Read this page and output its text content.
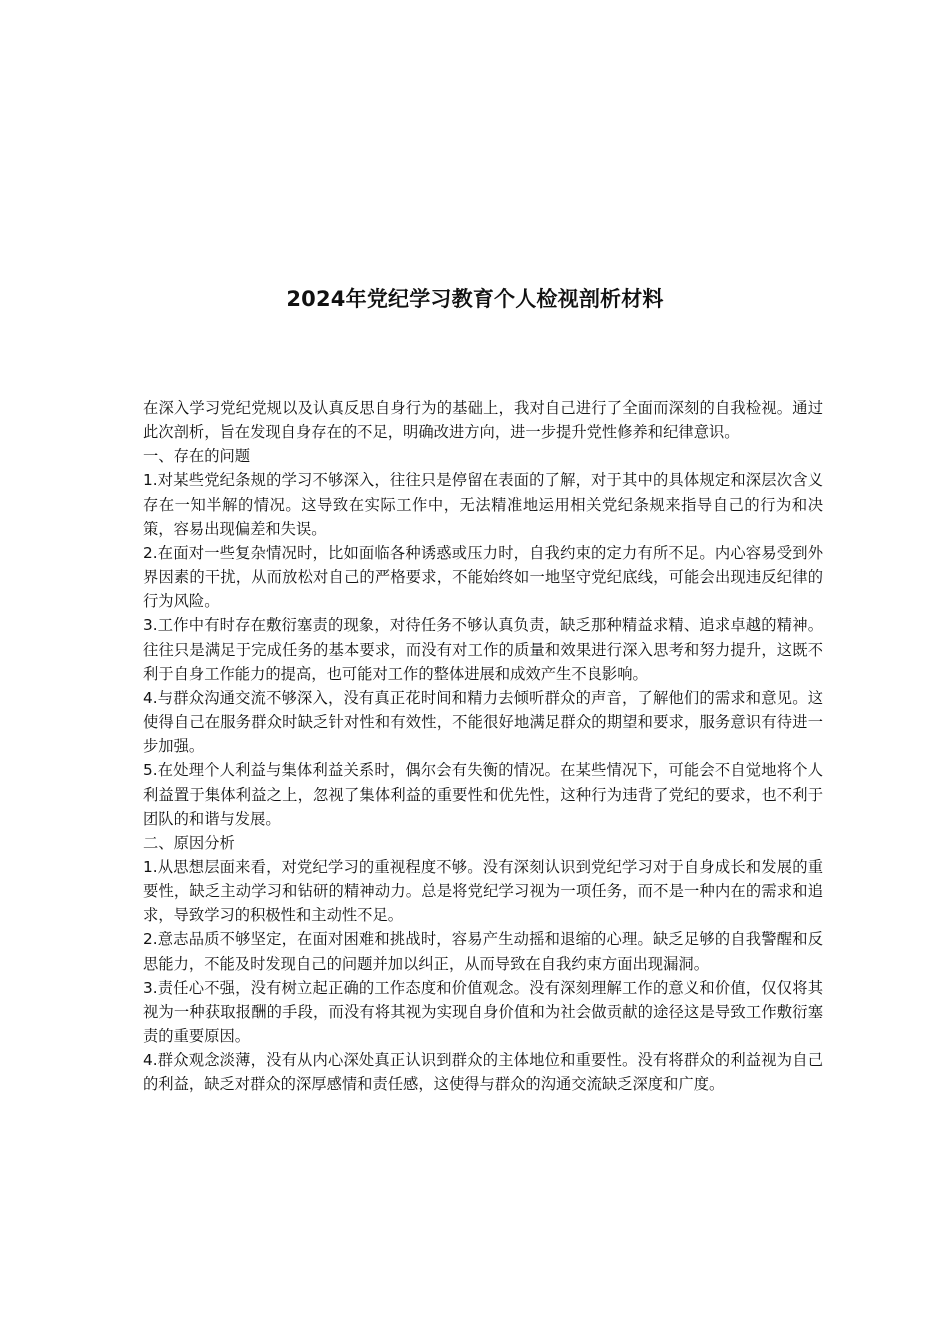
2024年党纪学习教育个人检视剖析材料

在深入学习党纪党规以及认真反思自身行为的基础上，我对自己进行了全面而深刻的自我检视。通过此次剖析，旨在发现自身存在的不足，明确改进方向，进一步提升党性修养和纪律意识。

一、存在的问题

1.对某些党纪条规的学习不够深入，往往只是停留在表面的了解，对于其中的具体规定和深层次含义存在一知半解的情况。这导致在实际工作中，无法精准地运用相关党纪条规来指导自己的行为和决策，容易出现偏差和失误。

2.在面对一些复杂情况时，比如面临各种诱惑或压力时，自我约束的定力有所不足。内心容易受到外界因素的干扰，从而放松对自己的严格要求，不能始终如一地坚守党纪底线，可能会出现违反纪律的行为风险。

3.工作中有时存在敷衍塞责的现象，对待任务不够认真负责，缺乏那种精益求精、追求卓越的精神。往往只是满足于完成任务的基本要求，而没有对工作的质量和效果进行深入思考和努力提升，这既不利于自身工作能力的提高，也可能对工作的整体进展和成效产生不良影响。

4.与群众沟通交流不够深入，没有真正花时间和精力去倾听群众的声音，了解他们的需求和意见。这使得自己在服务群众时缺乏针对性和有效性，不能很好地满足群众的期望和要求，服务意识有待进一步加强。

5.在处理个人利益与集体利益关系时，偶尔会有失衡的情况。在某些情况下，可能会不自觉地将个人利益置于集体利益之上，忽视了集体利益的重要性和优先性，这种行为违背了党纪的要求，也不利于团队的和谐与发展。

二、原因分析

1.从思想层面来看，对党纪学习的重视程度不够。没有深刻认识到党纪学习对于自身成长和发展的重要性，缺乏主动学习和钻研的精神动力。总是将党纪学习视为一项任务，而不是一种内在的需求和追求，导致学习的积极性和主动性不足。

2.意志品质不够坚定，在面对困难和挑战时，容易产生动摇和退缩的心理。缺乏足够的自我警醒和反思能力，不能及时发现自己的问题并加以纠正，从而导致在自我约束方面出现漏洞。

3.责任心不强，没有树立起正确的工作态度和价值观念。没有深刻理解工作的意义和价值，仅仅将其视为一种获取报酬的手段，而没有将其视为实现自身价值和为社会做贡献的途径这是导致工作敷衍塞责的重要原因。

4.群众观念淡薄，没有从内心深处真正认识到群众的主体地位和重要性。没有将群众的利益视为自己的利益，缺乏对群众的深厚感情和责任感，这使得与群众的沟通交流缺乏深度和广度。
